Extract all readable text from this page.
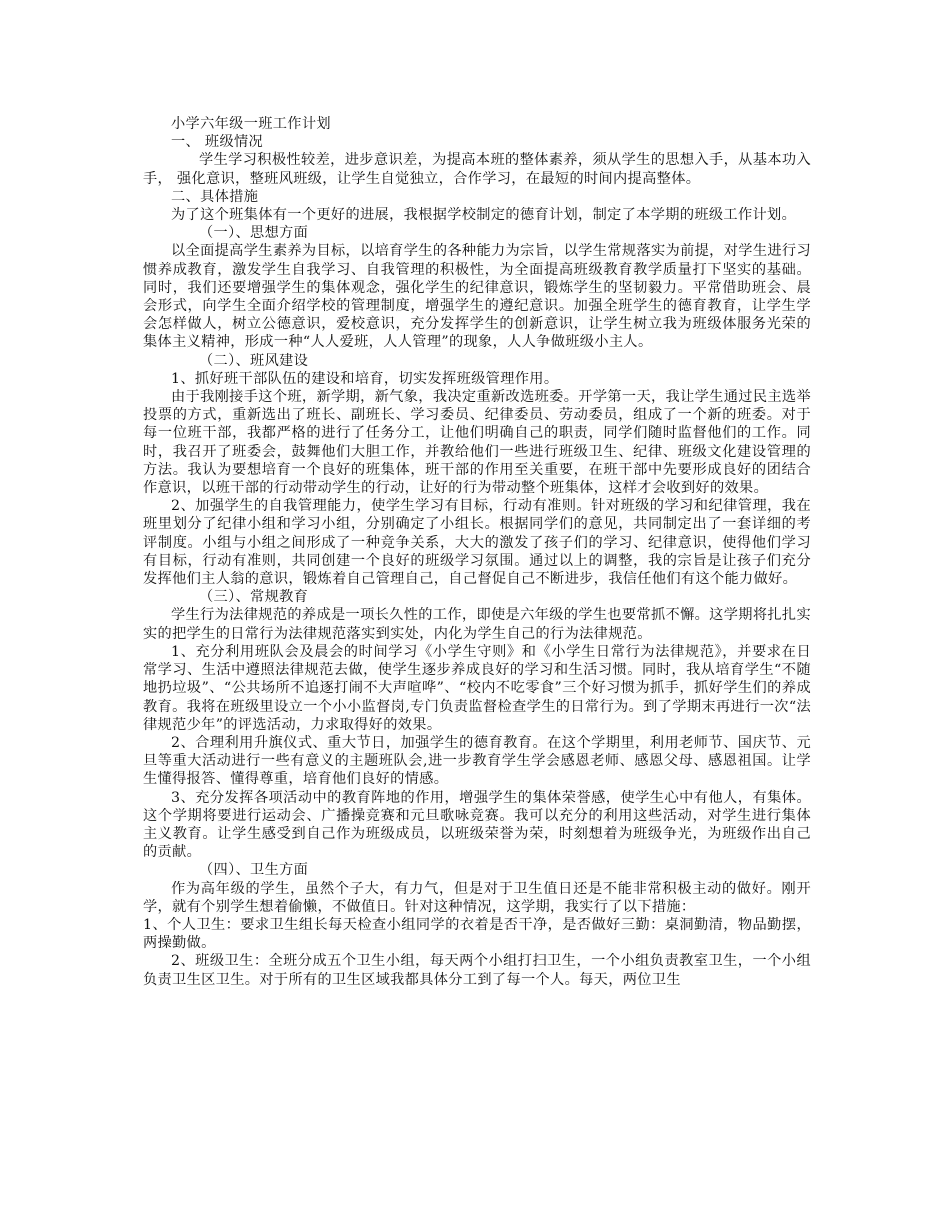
小学六年级一班工作计划

一、 班级情况

学生学习积极性较差，进步意识差，为提高本班的整体素养，须从学生的思想入手，从基本功入手， 强化意识，整班风班级，让学生自觉独立，合作学习，在最短的时间内提高整体。

二、具体措施

为了这个班集体有一个更好的进展，我根据学校制定的德育计划，制定了本学期的班级工作计划。

（一）、思想方面

以全面提高学生素养为目标，以培育学生的各种能力为宗旨，以学生常规落实为前提，对学生进行习惯养成教育，激发学生自我学习、自我管理的积极性，为全面提高班级教育教学质量打下坚实的基础。同时，我们还要增强学生的集体观念，强化学生的纪律意识，锻炼学生的坚韧毅力。平常借助班会、晨会形式，向学生全面介绍学校的管理制度，增强学生的遵纪意识。加强全班学生的德育教育，让学生学会怎样做人，树立公德意识，爱校意识，充分发挥学生的创新意识，让学生树立我为班级体服务光荣的集体主义精神，形成一种“人人爱班，人人管理”的现象，人人争做班级小主人。

（二）、班风建设

1、抓好班干部队伍的建设和培育，切实发挥班级管理作用。

由于我刚接手这个班，新学期，新气象，我决定重新改选班委。开学第一天，我让学生通过民主选举投票的方式，重新选出了班长、副班长、学习委员、纪律委员、劳动委员，组成了一个新的班委。对于每一位班干部，我都严格的进行了任务分工，让他们明确自己的职责，同学们随时监督他们的工作。同时，我召开了班委会，鼓舞他们大胆工作，并教给他们一些进行班级卫生、纪律、班级文化建设管理的方法。我认为要想培育一个良好的班集体，班干部的作用至关重要，在班干部中先要形成良好的团结合作意识，以班干部的行动带动学生的行动，让好的行为带动整个班集体，这样才会收到好的效果。

2、加强学生的自我管理能力，使学生学习有目标，行动有准则。针对班级的学习和纪律管理，我在班里划分了纪律小组和学习小组，分别确定了小组长。根据同学们的意见，共同制定出了一套详细的考评制度。小组与小组之间形成了一种竞争关系，大大的激发了孩子们的学习、纪律意识，使得他们学习有目标，行动有准则，共同创建一个良好的班级学习氛围。通过以上的调整，我的宗旨是让孩子们充分发挥他们主人翁的意识，锻炼着自己管理自己，自己督促自己不断进步，我信任他们有这个能力做好。

（三）、常规教育

学生行为法律规范的养成是一项长久性的工作，即使是六年级的学生也要常抓不懈。这学期将扎扎实实的把学生的日常行为法律规范落实到实处，内化为学生自己的行为法律规范。

1、充分利用班队会及晨会的时间学习《小学生守则》和《小学生日常行为法律规范》，并要求在日常学习、生活中遵照法律规范去做，使学生逐步养成良好的学习和生活习惯。同时，我从培育学生“不随地扔垃圾”、“公共场所不追逐打闹不大声喧哗”、“校内不吃零食”三个好习惯为抓手，抓好学生们的养成教育。我将在班级里设立一个小小监督岗,专门负责监督检查学生的日常行为。到了学期末再进行一次“法律规范少年”的评选活动，力求取得好的效果。

2、合理利用升旗仪式、重大节日，加强学生的德育教育。在这个学期里，利用老师节、国庆节、元旦等重大活动进行一些有意义的主题班队会,进一步教育学生学会感恩老师、感恩父母、感恩祖国。让学生懂得报答、懂得尊重，培育他们良好的情感。

3、充分发挥各项活动中的教育阵地的作用，增强学生的集体荣誉感，使学生心中有他人，有集体。这个学期将要进行运动会、广播操竞赛和元旦歌咏竞赛。我可以充分的利用这些活动，对学生进行集体主义教育。让学生感受到自己作为班级成员，以班级荣誉为荣，时刻想着为班级争光，为班级作出自己的贡献。

（四）、卫生方面

作为高年级的学生，虽然个子大，有力气，但是对于卫生值日还是不能非常积极主动的做好。刚开学，就有个别学生想着偷懒，不做值日。针对这种情况，这学期，我实行了以下措施：

1、个人卫生：要求卫生组长每天检查小组同学的衣着是否干净，是否做好三勤：桌洞勤清，物品勤摆，两操勤做。

2、班级卫生：全班分成五个卫生小组，每天两个小组打扫卫生，一个小组负责教室卫生，一个小组负责卫生区卫生。对于所有的卫生区域我都具体分工到了每一个人。每天，两位卫生
